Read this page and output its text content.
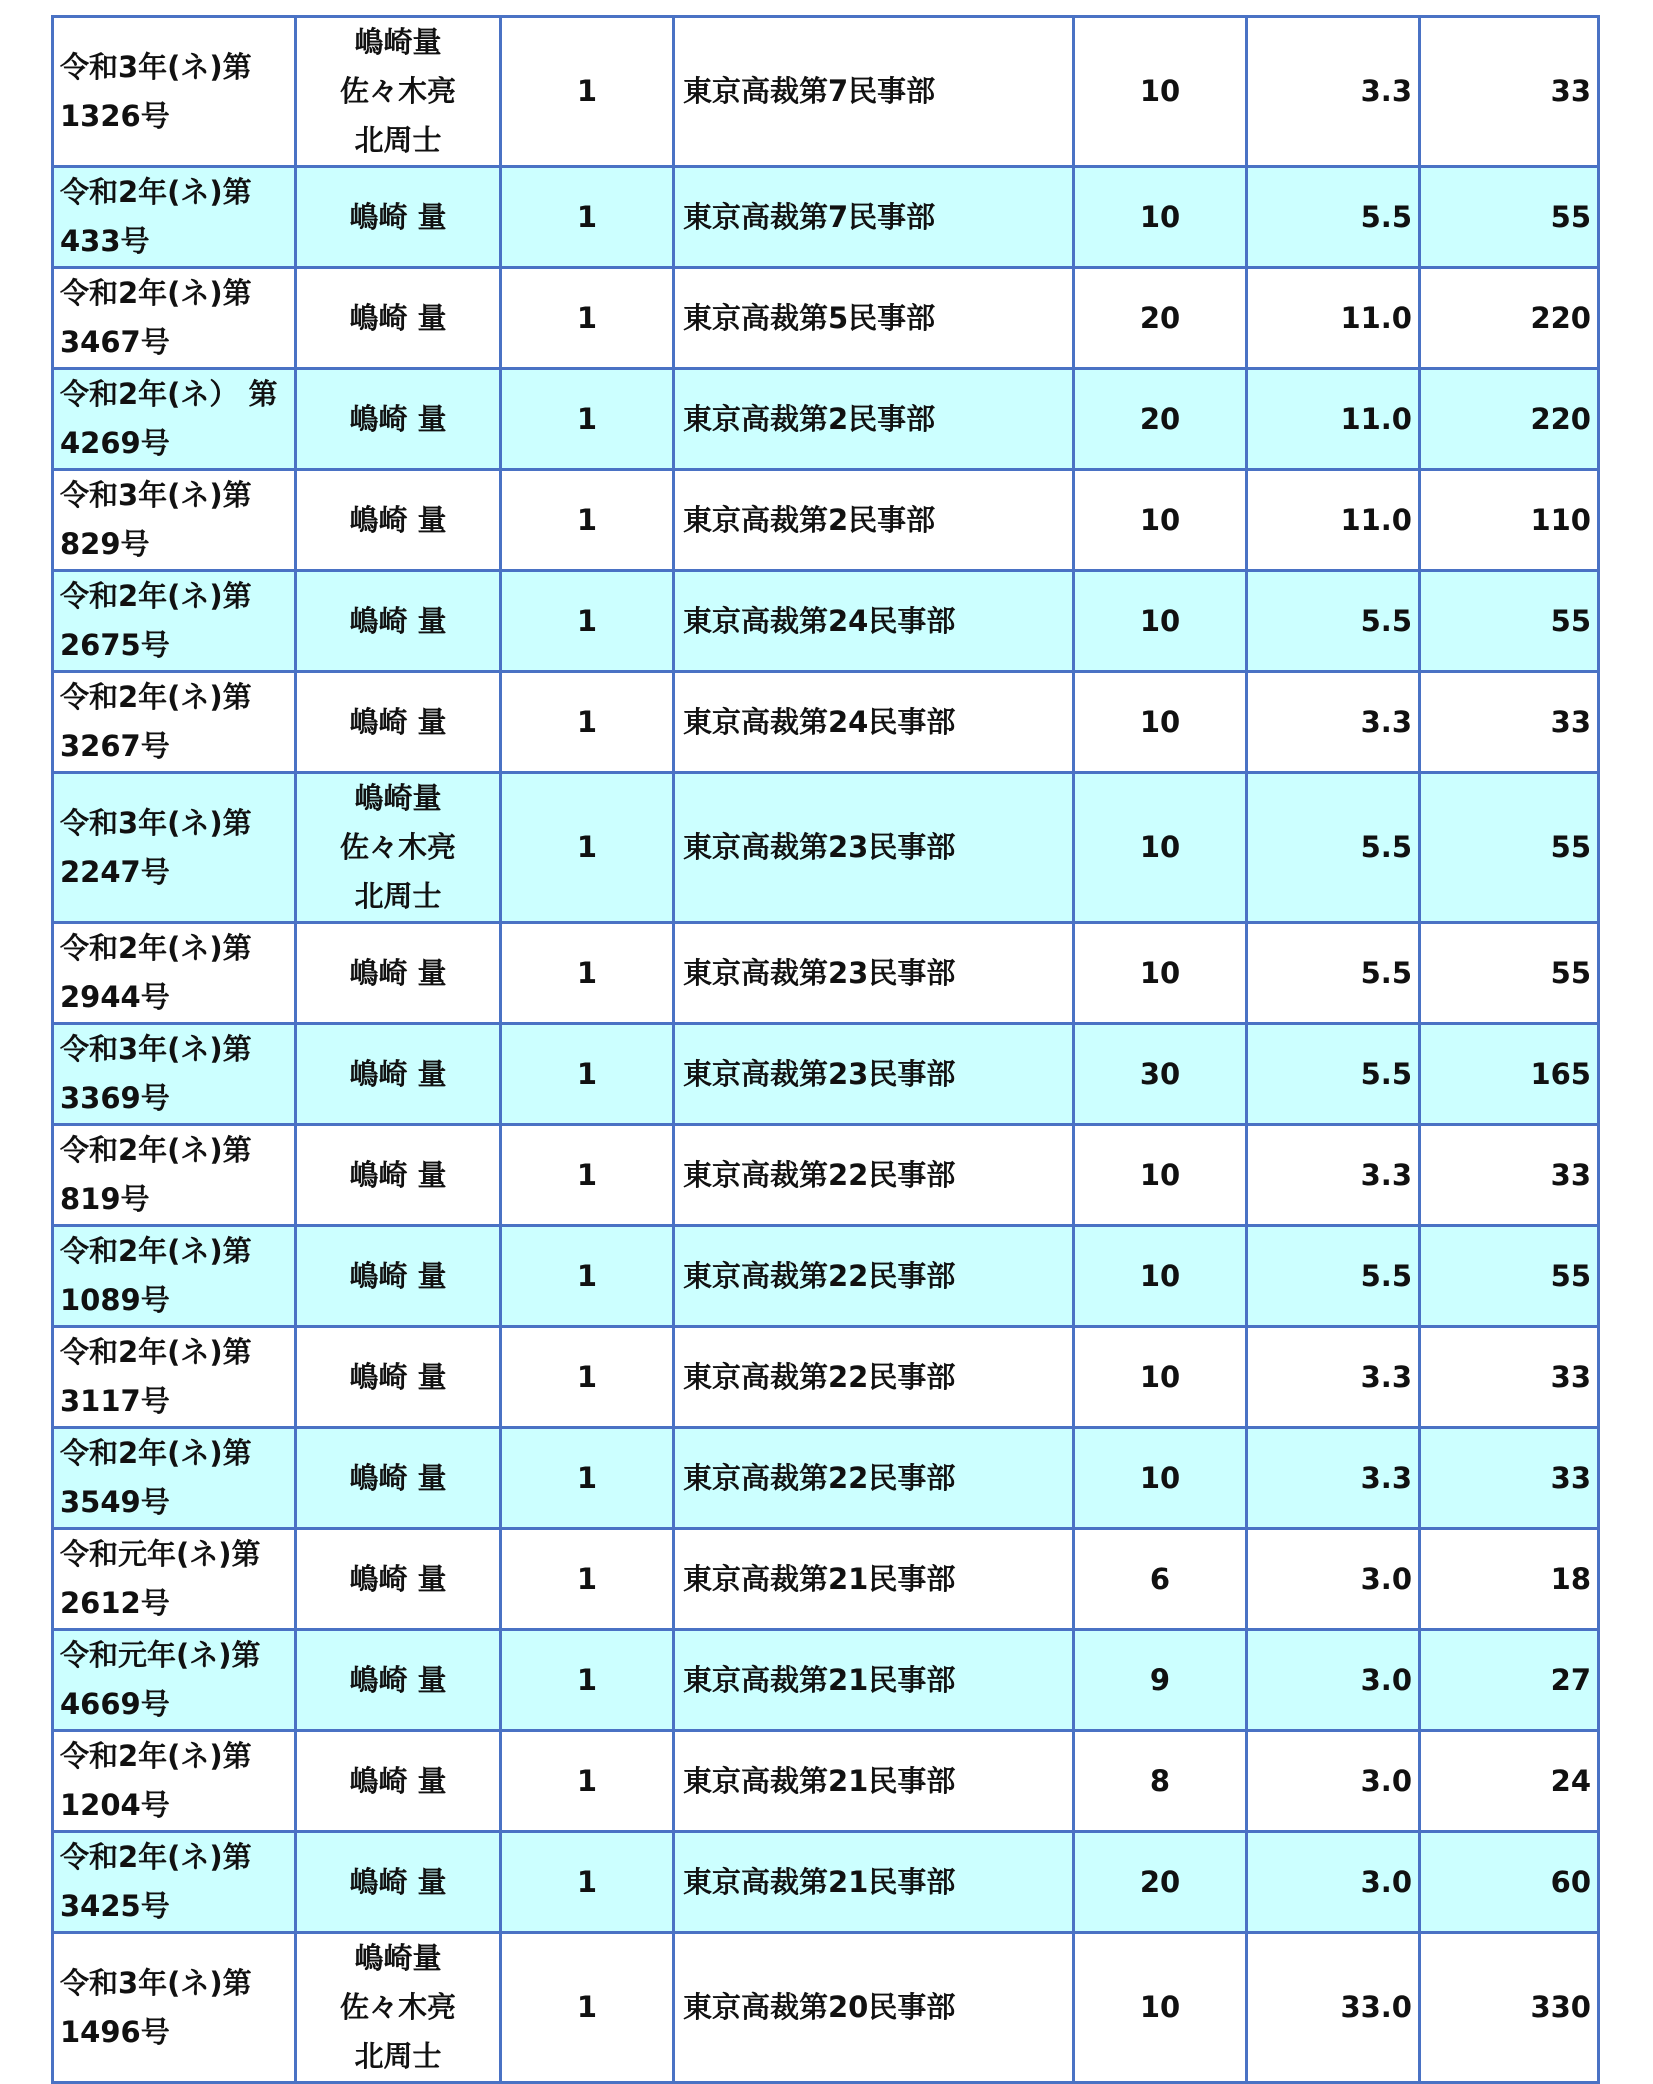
令和3年(ネ)第
1326号	嶋崎量
佐々木亮
北周士	1	東京高裁第7民事部	10	3.3	33

令和2年(ネ)第
433号	嶋崎 量	1	東京高裁第7民事部	10	5.5	55

令和2年(ネ)第
3467号	嶋崎 量	1	東京高裁第5民事部	20	11.0	220

令和2年(ネ） 第
4269号	嶋崎 量	1	東京高裁第2民事部	20	11.0	220

令和3年(ネ)第
829号	嶋崎 量	1	東京高裁第2民事部	10	11.0	110

令和2年(ネ)第
2675号	嶋崎 量	1	東京高裁第24民事部	10	5.5	55

令和2年(ネ)第
3267号	嶋崎 量	1	東京高裁第24民事部	10	3.3	33

令和3年(ネ)第
2247号	嶋崎量
佐々木亮
北周士	1	東京高裁第23民事部	10	5.5	55

令和2年(ネ)第
2944号	嶋崎 量	1	東京高裁第23民事部	10	5.5	55

令和3年(ネ)第
3369号	嶋崎 量	1	東京高裁第23民事部	30	5.5	165

令和2年(ネ)第
819号	嶋崎 量	1	東京高裁第22民事部	10	3.3	33

令和2年(ネ)第
1089号	嶋崎 量	1	東京高裁第22民事部	10	5.5	55

令和2年(ネ)第
3117号	嶋崎 量	1	東京高裁第22民事部	10	3.3	33

令和2年(ネ)第
3549号	嶋崎 量	1	東京高裁第22民事部	10	3.3	33

令和元年(ネ)第
2612号	嶋崎 量	1	東京高裁第21民事部	6	3.0	18

令和元年(ネ)第
4669号	嶋崎 量	1	東京高裁第21民事部	9	3.0	27

令和2年(ネ)第
1204号	嶋崎 量	1	東京高裁第21民事部	8	3.0	24

令和2年(ネ)第
3425号	嶋崎 量	1	東京高裁第21民事部	20	3.0	60

令和3年(ネ)第
1496号	嶋崎量
佐々木亮
北周士	1	東京高裁第20民事部	10	33.0	330
